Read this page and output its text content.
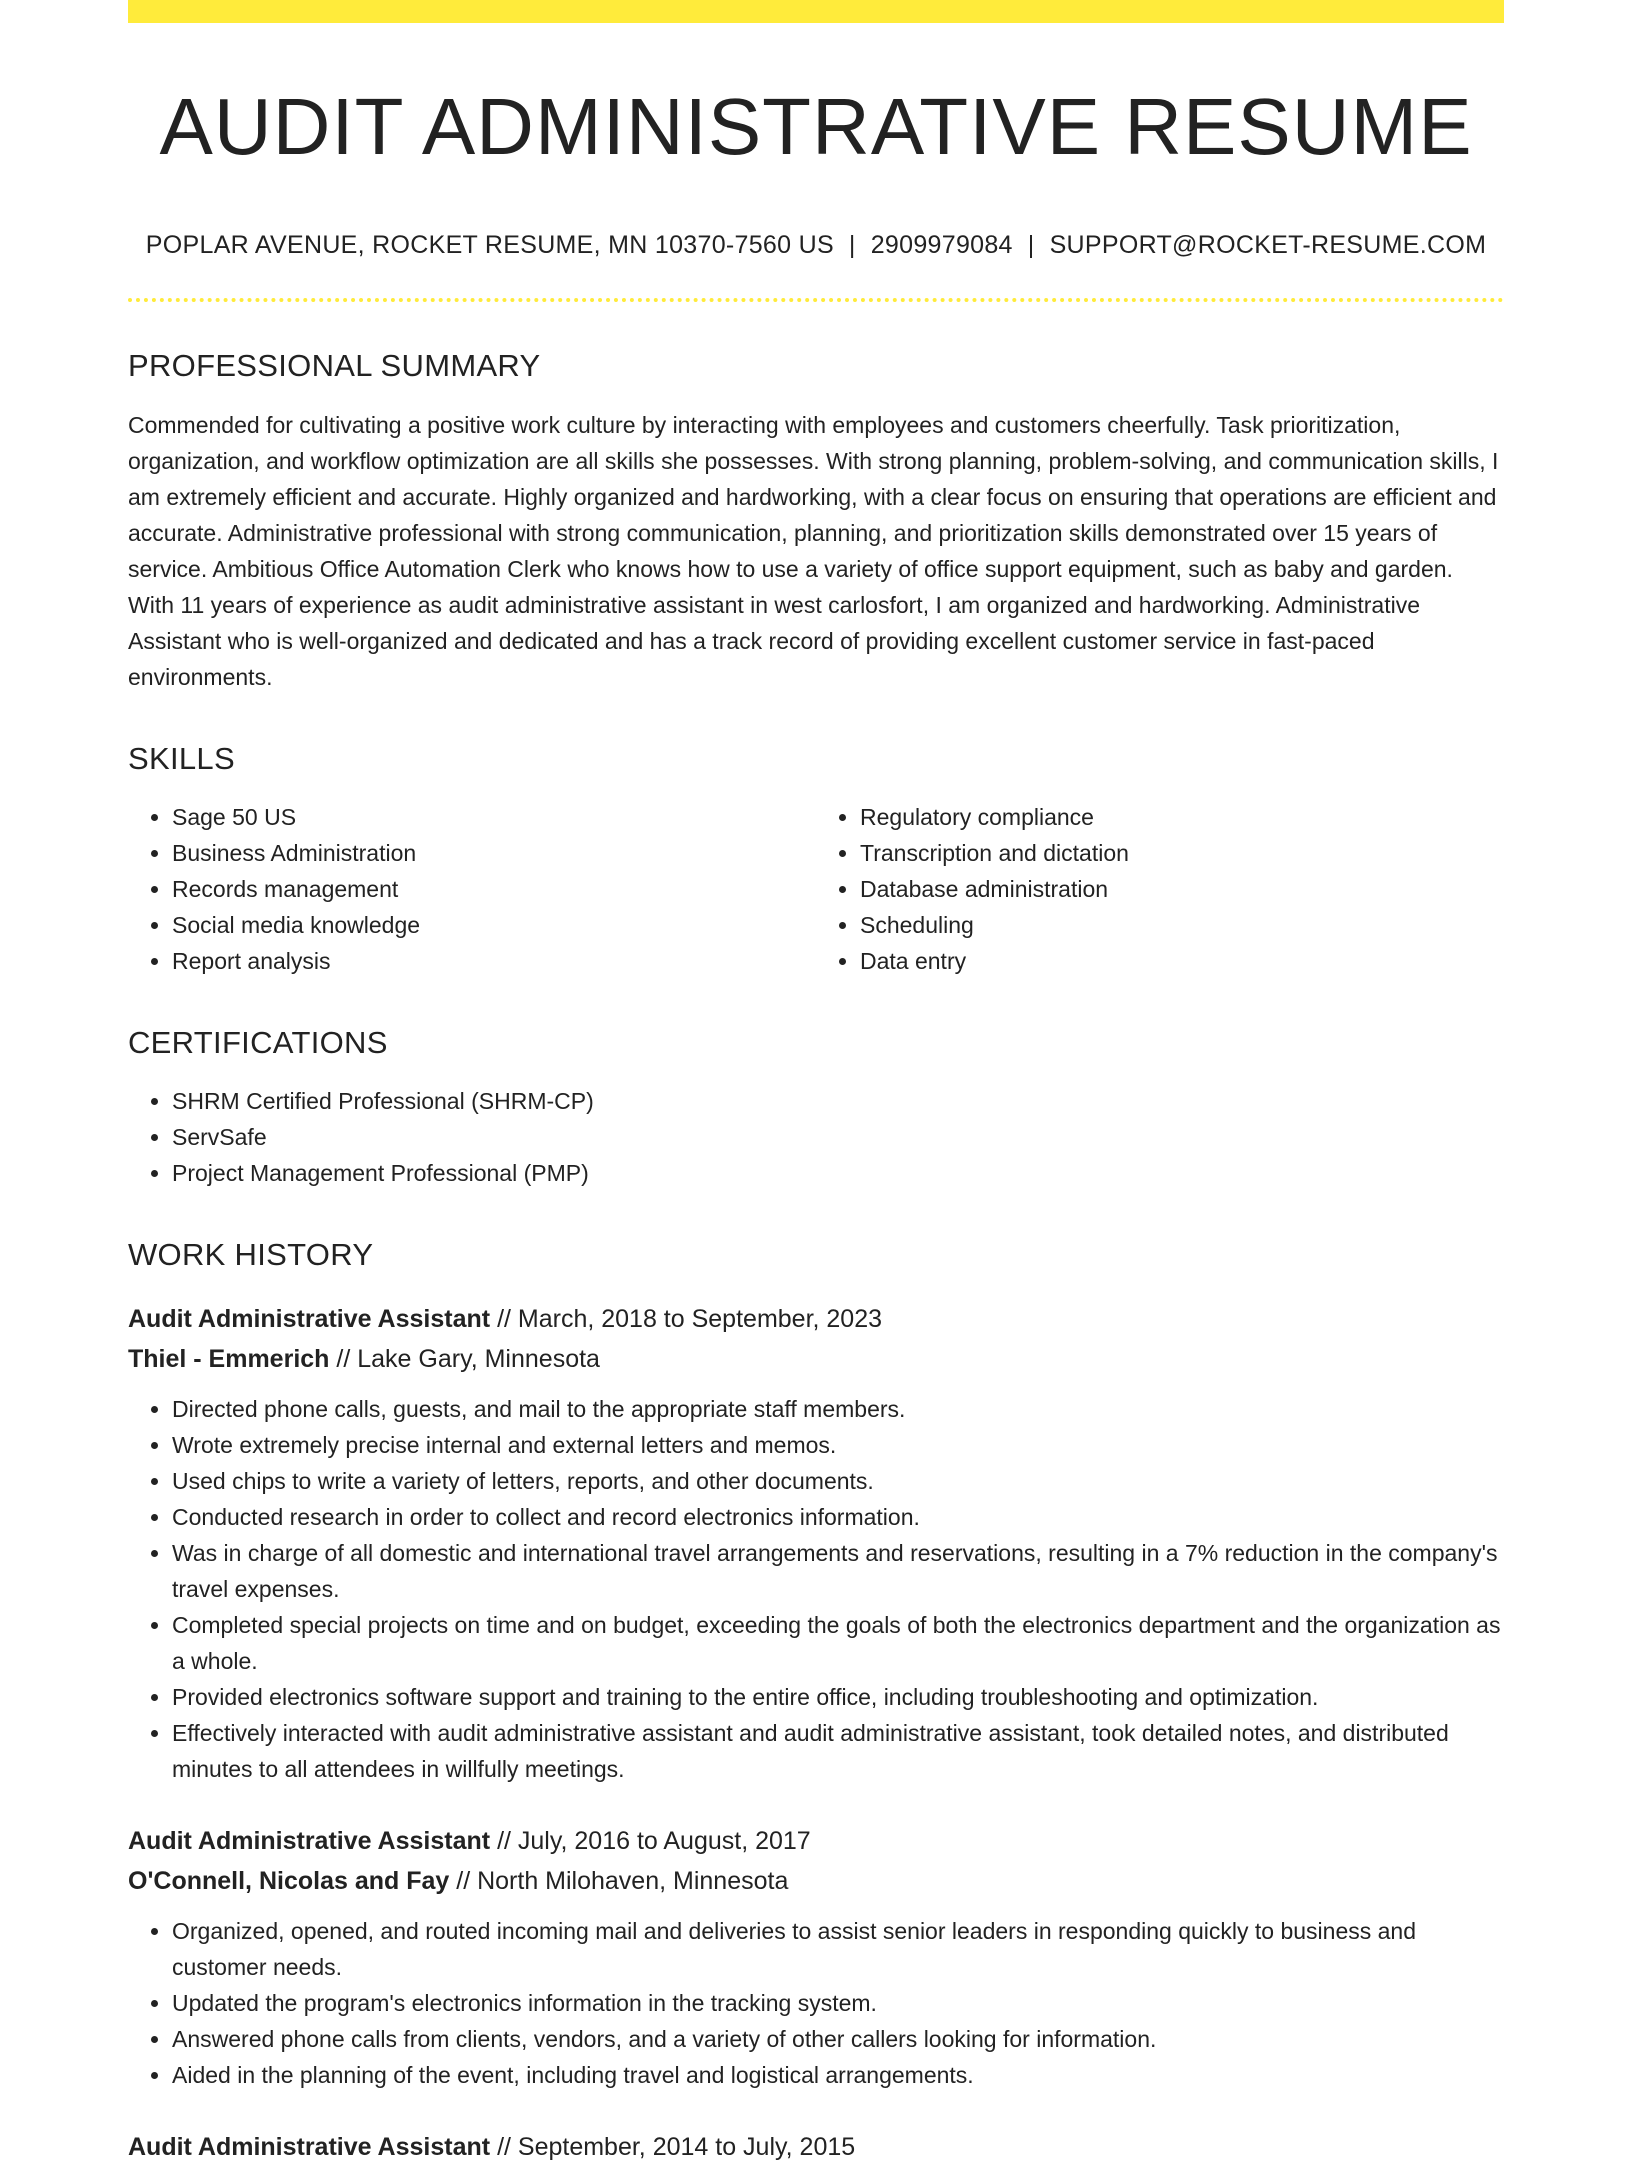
AUDIT ADMINISTRATIVE RESUME
POPLAR AVENUE, ROCKET RESUME, MN 10370-7560 US | 2909979084 | SUPPORT@ROCKET-RESUME.COM
PROFESSIONAL SUMMARY
Commended for cultivating a positive work culture by interacting with employees and customers cheerfully. Task prioritization, organization, and workflow optimization are all skills she possesses. With strong planning, problem-solving, and communication skills, I am extremely efficient and accurate. Highly organized and hardworking, with a clear focus on ensuring that operations are efficient and accurate. Administrative professional with strong communication, planning, and prioritization skills demonstrated over 15 years of service. Ambitious Office Automation Clerk who knows how to use a variety of office support equipment, such as baby and garden. With 11 years of experience as audit administrative assistant in west carlosfort, I am organized and hardworking. Administrative Assistant who is well-organized and dedicated and has a track record of providing excellent customer service in fast-paced environments.
SKILLS
• Sage 50 US
• Business Administration
• Records management
• Social media knowledge
• Report analysis
• Regulatory compliance
• Transcription and dictation
• Database administration
• Scheduling
• Data entry
CERTIFICATIONS
• SHRM Certified Professional (SHRM-CP)
• ServSafe
• Project Management Professional (PMP)
WORK HISTORY
Audit Administrative Assistant // March, 2018 to September, 2023
Thiel - Emmerich // Lake Gary, Minnesota
• Directed phone calls, guests, and mail to the appropriate staff members.
• Wrote extremely precise internal and external letters and memos.
• Used chips to write a variety of letters, reports, and other documents.
• Conducted research in order to collect and record electronics information.
• Was in charge of all domestic and international travel arrangements and reservations, resulting in a 7% reduction in the company's travel expenses.
• Completed special projects on time and on budget, exceeding the goals of both the electronics department and the organization as a whole.
• Provided electronics software support and training to the entire office, including troubleshooting and optimization.
• Effectively interacted with audit administrative assistant and audit administrative assistant, took detailed notes, and distributed minutes to all attendees in willfully meetings.
Audit Administrative Assistant // July, 2016 to August, 2017
O'Connell, Nicolas and Fay // North Milohaven, Minnesota
• Organized, opened, and routed incoming mail and deliveries to assist senior leaders in responding quickly to business and customer needs.
• Updated the program's electronics information in the tracking system.
• Answered phone calls from clients, vendors, and a variety of other callers looking for information.
• Aided in the planning of the event, including travel and logistical arrangements.
Audit Administrative Assistant // September, 2014 to July, 2015
